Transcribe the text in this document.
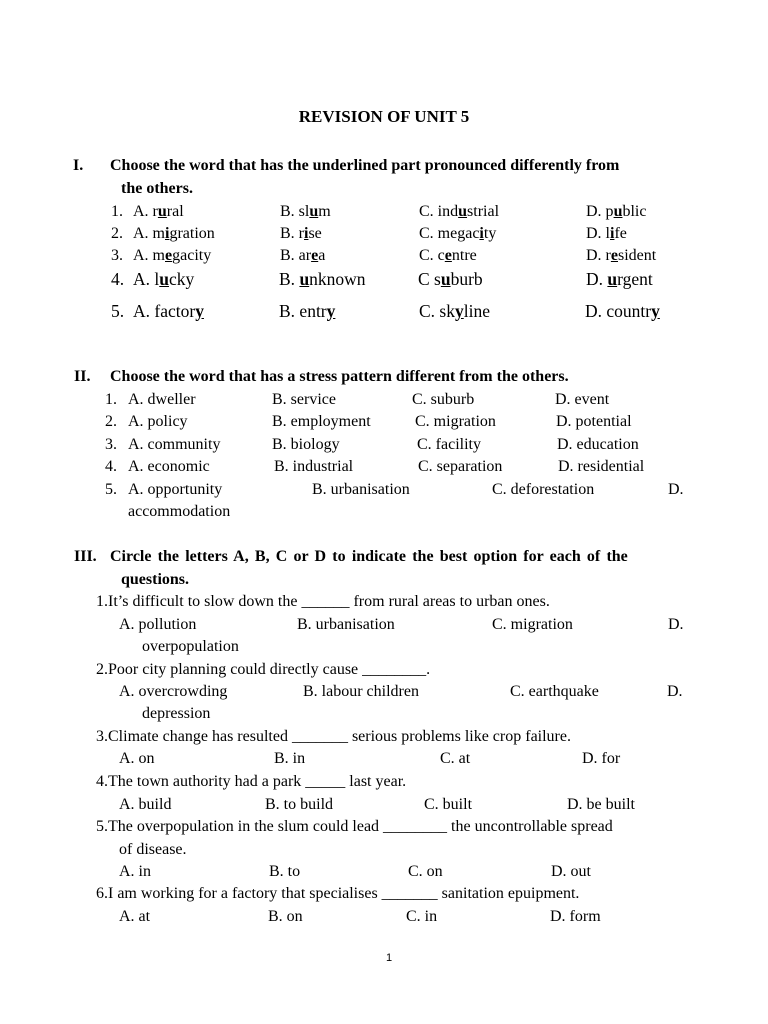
REVISION OF UNIT 5
I. Choose the word that has the underlined part pronounced differently from
the others.
1. A. rural	B. slum	C. industrial	D. public
2. A. migration	B. rise	C. megacity	D. life
3. A. megacity	B. area	C. centre	D. resident
4. A. lucky	B. unknown	C suburb	D. urgent
5. A. factory	B. entry	C. skyline	D. country
II. Choose the word that has a stress pattern different from the others.
1. A. dweller	B. service	C. suburb	D. event
2. A. policy	B. employment	C. migration	D. potential
3. A. community	B. biology	C. facility	D. education
4. A. economic	B. industrial	C. separation	D. residential
5. A. opportunity	B. urbanisation	C. deforestation	D.
accommodation
III. Circle the letters A, B, C or D to indicate the best option for each of the
questions.
1.It’s difficult to slow down the ______ from rural areas to urban ones.
A. pollution	B. urbanisation	C. migration	D.
overpopulation
2.Poor city planning could directly cause ________.
A. overcrowding	B. labour children	C. earthquake	D.
depression
3.Climate change has resulted _______ serious problems like crop failure.
A. on	B. in	C. at	D. for
4.The town authority had a park _____ last year.
A. build	B. to build	C. built	D. be built
5.The overpopulation in the slum could lead ________ the uncontrollable spread
of disease.
A. in	B. to	C. on	D. out
6.I am working for a factory that specialises _______ sanitation epuipment.
A. at	B. on	C. in	D. form
1
